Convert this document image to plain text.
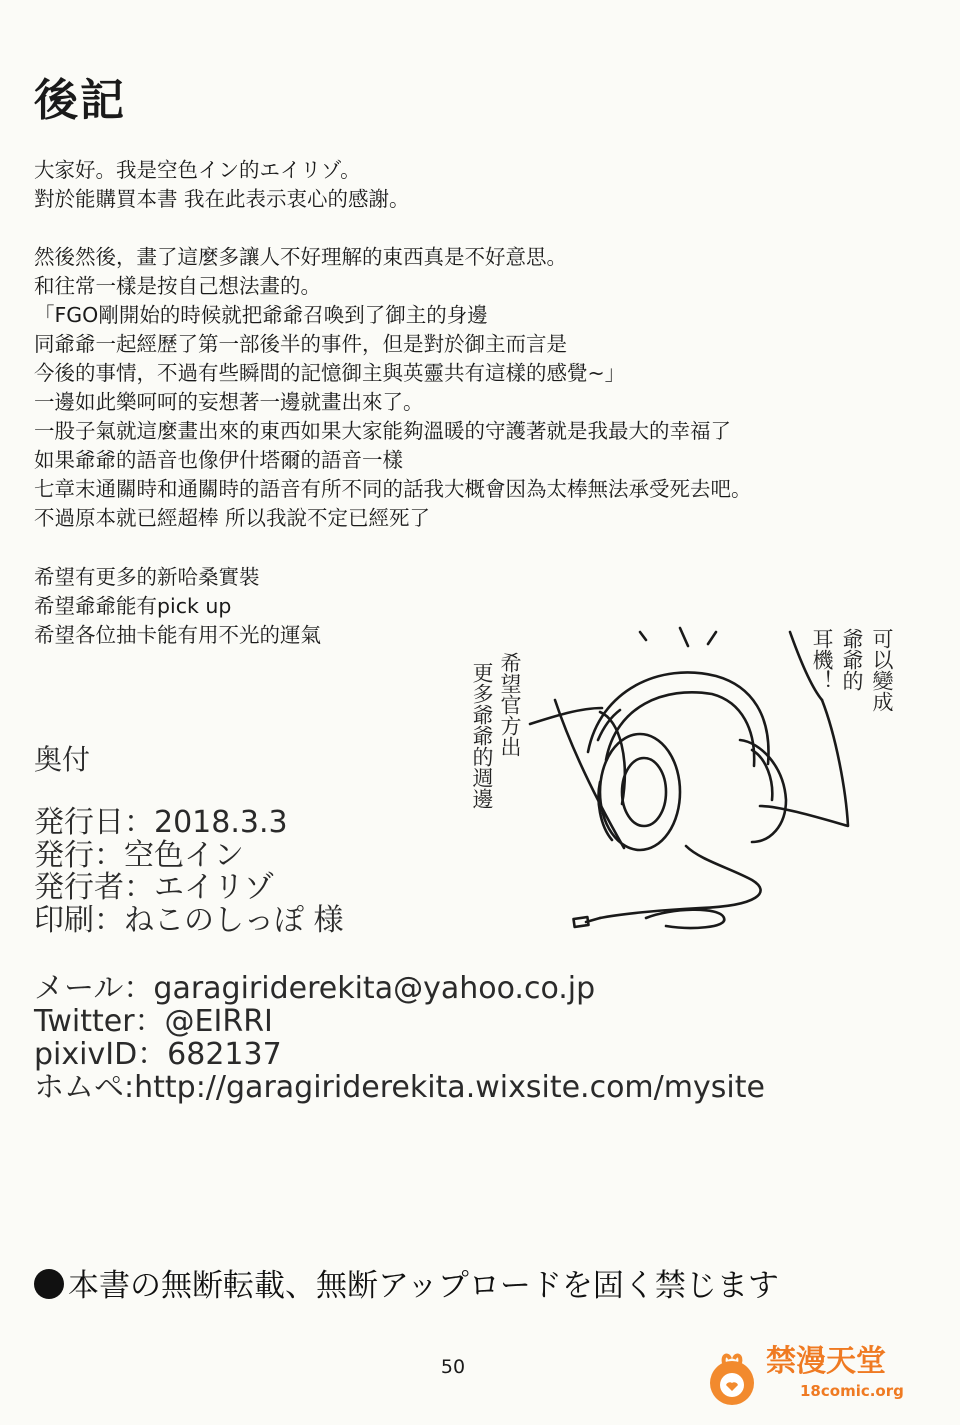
後記
大家好。我是空色イン的エイリゾ。
對於能購買本書 我在此表示衷心的感謝。
然後然後，畫了這麼多讓人不好理解的東西真是不好意思。
和往常一樣是按自己想法畫的。
「FGO剛開始的時候就把爺爺召喚到了御主的身邊
同爺爺一起經歷了第一部後半的事件，但是對於御主而言是
今後的事情，不過有些瞬間的記憶御主與英靈共有這樣的感覺~」
一邊如此樂呵呵的妄想著一邊就畫出來了。
一股子氣就這麼畫出來的東西如果大家能夠溫暖的守護著就是我最大的幸福了
如果爺爺的語音也像伊什塔爾的語音一樣
七章末通關時和通關時的語音有所不同的話我大概會因為太棒無法承受死去吧。
不過原本就已經超棒 所以我說不定已經死了
希望有更多的新哈桑實裝
希望爺爺能有pick up
希望各位抽卡能有用不光的運氣
希望官方出
更多爺爺的週邊	可以變成
爺爺的
耳機！
奥付
発行日：2018.3.3
発行：空色イン
発行者：エイリゾ
印刷：ねこのしっぽ 様
メール：garagiriderekita@yahoo.co.jp
Twitter：@EIRRI
pixivID：682137
ホムペ:http://garagiriderekita.wixsite.com/mysite
本書の無断転載、無断アップロードを固く禁じます
50	禁漫天堂
18comic.org
